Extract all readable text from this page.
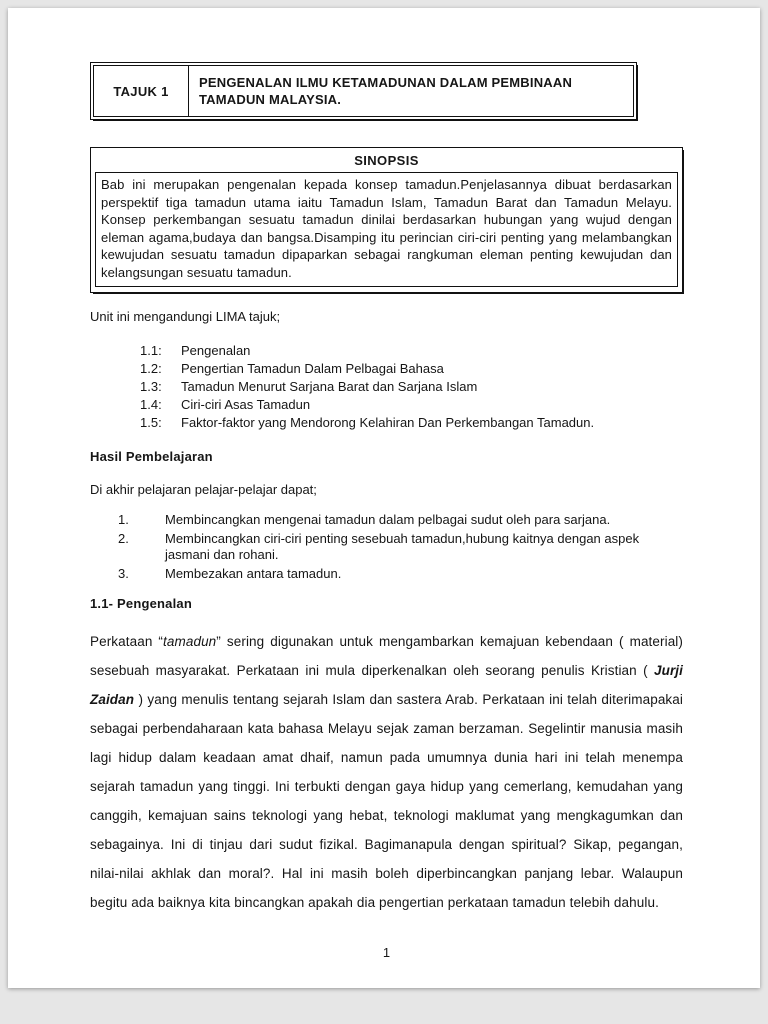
TAJUK 1	PENGENALAN ILMU KETAMADUNAN DALAM PEMBINAAN TAMADUN MALAYSIA.
SINOPSIS
Bab ini merupakan pengenalan kepada konsep tamadun.Penjelasannya dibuat berdasarkan perspektif tiga tamadun utama iaitu Tamadun Islam, Tamadun Barat dan Tamadun Melayu. Konsep perkembangan sesuatu tamadun dinilai berdasarkan hubungan yang wujud dengan eleman agama,budaya dan bangsa.Disamping itu perincian ciri-ciri penting yang melambangkan kewujudan sesuatu tamadun dipaparkan sebagai rangkuman eleman penting kewujudan dan kelangsungan sesuatu tamadun.

Unit ini mengandungi LIMA tajuk;

1.1:	Pengenalan
1.2:	Pengertian Tamadun Dalam Pelbagai Bahasa
1.3:	Tamadun Menurut Sarjana Barat dan Sarjana Islam
1.4:	Ciri-ciri Asas Tamadun
1.5:	Faktor-faktor yang Mendorong Kelahiran Dan Perkembangan Tamadun.

Hasil Pembelajaran

Di akhir pelajaran pelajar-pelajar dapat;

1.	Membincangkan mengenai tamadun dalam pelbagai sudut oleh para sarjana.
2.	Membincangkan ciri-ciri penting sesebuah tamadun,hubung kaitnya dengan aspek jasmani dan rohani.
3.	Membezakan antara tamadun.

1.1- Pengenalan

Perkataan “tamadun” sering digunakan untuk mengambarkan kemajuan kebendaan ( material) sesebuah masyarakat. Perkataan ini mula diperkenalkan oleh seorang penulis Kristian ( Jurji Zaidan ) yang menulis tentang sejarah Islam dan sastera Arab. Perkataan ini telah diterimapakai sebagai perbendaharaan kata bahasa Melayu sejak zaman berzaman. Segelintir manusia masih lagi hidup dalam keadaan amat dhaif, namun pada umumnya dunia hari ini telah menempa sejarah tamadun yang tinggi. Ini terbukti dengan gaya hidup yang cemerlang, kemudahan yang canggih, kemajuan sains teknologi yang hebat, teknologi maklumat yang mengkagumkan dan sebagainya. Ini di tinjau dari sudut fizikal. Bagimanapula dengan spiritual? Sikap, pegangan, nilai-nilai akhlak dan moral?. Hal ini masih boleh diperbincangkan panjang lebar. Walaupun begitu ada baiknya kita bincangkan apakah dia pengertian perkataan tamadun telebih dahulu.

1
